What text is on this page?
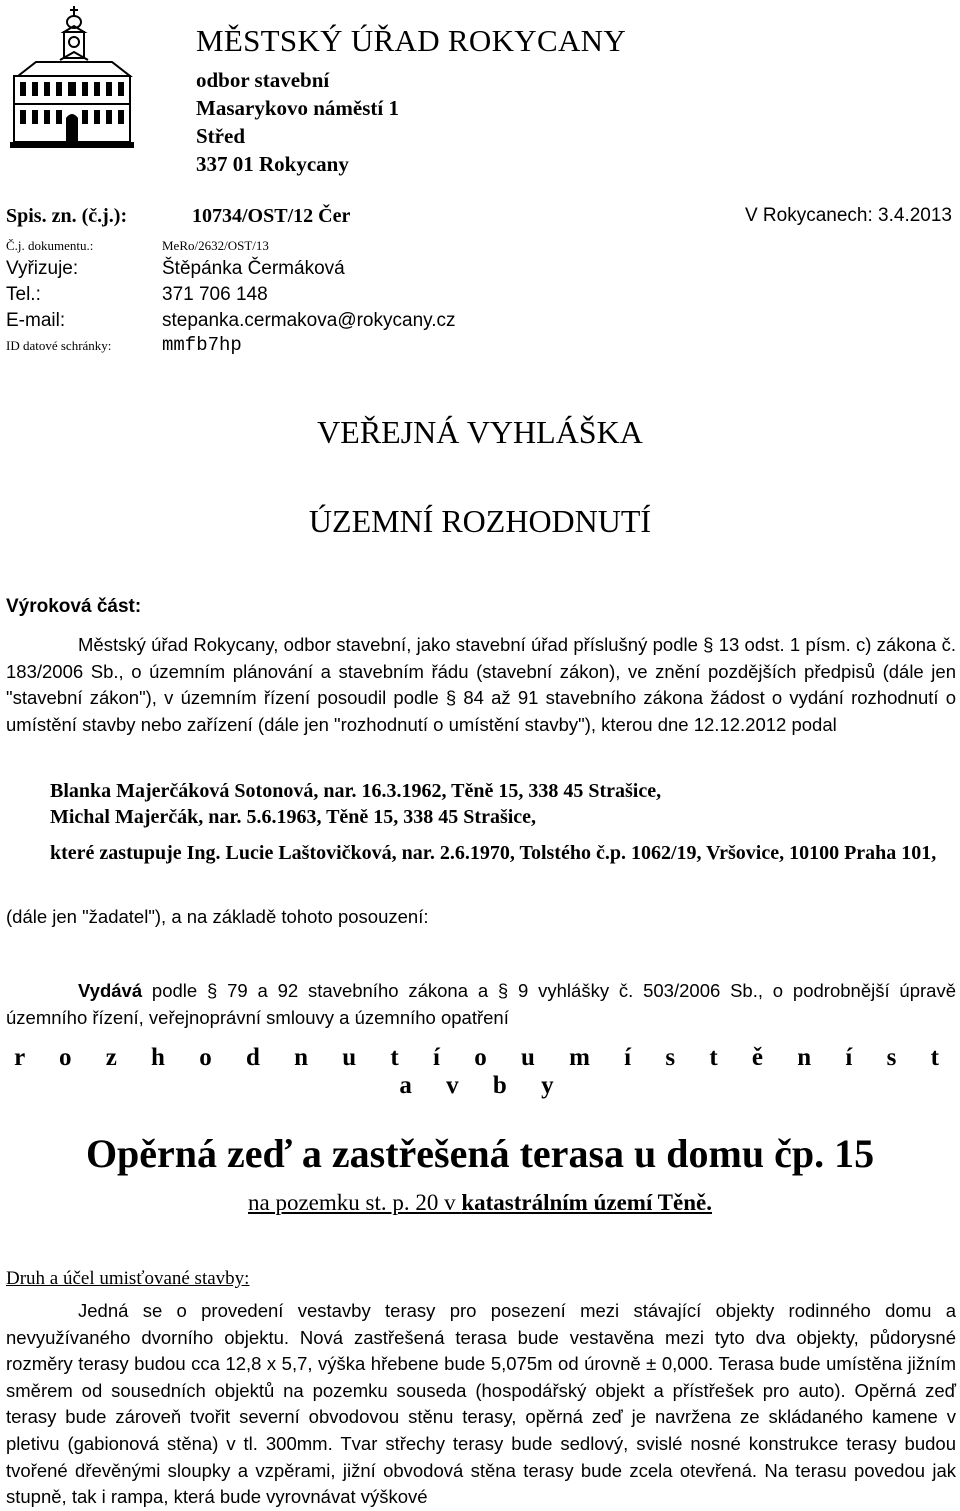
MĚSTSKÝ ÚŘAD ROKYCANY
odbor stavební
Masarykovo náměstí 1
Střed
337 01 Rokycany
Spis. zn. (č.j.):	10734/OST/12 Čer	V Rokycanech: 3.4.2013
Č.j. dokumentu.:	MeRo/2632/OST/13
Vyřizuje:	Štěpánka Čermáková
Tel.:	371 706 148
E-mail:	stepanka.cermakova@rokycany.cz
ID datové schránky:	mmfb7hp
VEŘEJNÁ VYHLÁŠKA
ÚZEMNÍ ROZHODNUTÍ
Výroková část:
Městský úřad Rokycany, odbor stavební, jako stavební úřad příslušný podle § 13 odst. 1 písm. c) zákona č. 183/2006 Sb., o územním plánování a stavebním řádu (stavební zákon), ve znění pozdějších předpisů (dále jen "stavební zákon"), v územním řízení posoudil podle § 84 až 91 stavebního zákona žádost o vydání rozhodnutí o umístění stavby nebo zařízení (dále jen "rozhodnutí o umístění stavby"), kterou dne 12.12.2012 podal
Blanka Majerčáková Sotonová, nar. 16.3.1962, Těně 15, 338 45 Strašice,
Michal Majerčák, nar. 5.6.1963, Těně 15, 338 45 Strašice,
které zastupuje Ing. Lucie Laštovičková, nar. 2.6.1970, Tolstého č.p. 1062/19, Vršovice, 10100 Praha 101,
(dále jen "žadatel"), a na základě tohoto posouzení:
Vydává podle § 79 a 92 stavebního zákona a § 9 vyhlášky č. 503/2006 Sb., o podrobnější úpravě územního řízení, veřejnoprávní smlouvy a územního opatření
r o z h o d n u t í o u m í s t ě n í s t a v b y
Opěrná zeď a zastřešená terasa u domu čp. 15
na pozemku st. p. 20 v katastrálním území Těně.
Druh a účel umisťované stavby:
Jedná se o provedení vestavby terasy pro posezení mezi stávající objekty rodinného domu a nevyužívaného dvorního objektu. Nová zastřešená terasa bude vestavěna mezi tyto dva objekty, půdorysné rozměry terasy budou cca 12,8 x 5,7, výška hřebene bude 5,075m od úrovně ± 0,000. Terasa bude umístěna jižním směrem od sousedních objektů na pozemku souseda (hospodářský objekt a přístřešek pro auto). Opěrná zeď terasy bude zároveň tvořit severní obvodovou stěnu terasy, opěrná zeď je navržena ze skládaného kamene v pletivu (gabionová stěna) v tl. 300mm. Tvar střechy terasy bude sedlový, svislé nosné konstrukce terasy budou tvořené dřevěnými sloupky a vzpěrami, jižní obvodová stěna terasy bude zcela otevřená. Na terasu povedou jak stupně, tak i rampa, která bude vyrovnávat výškové
